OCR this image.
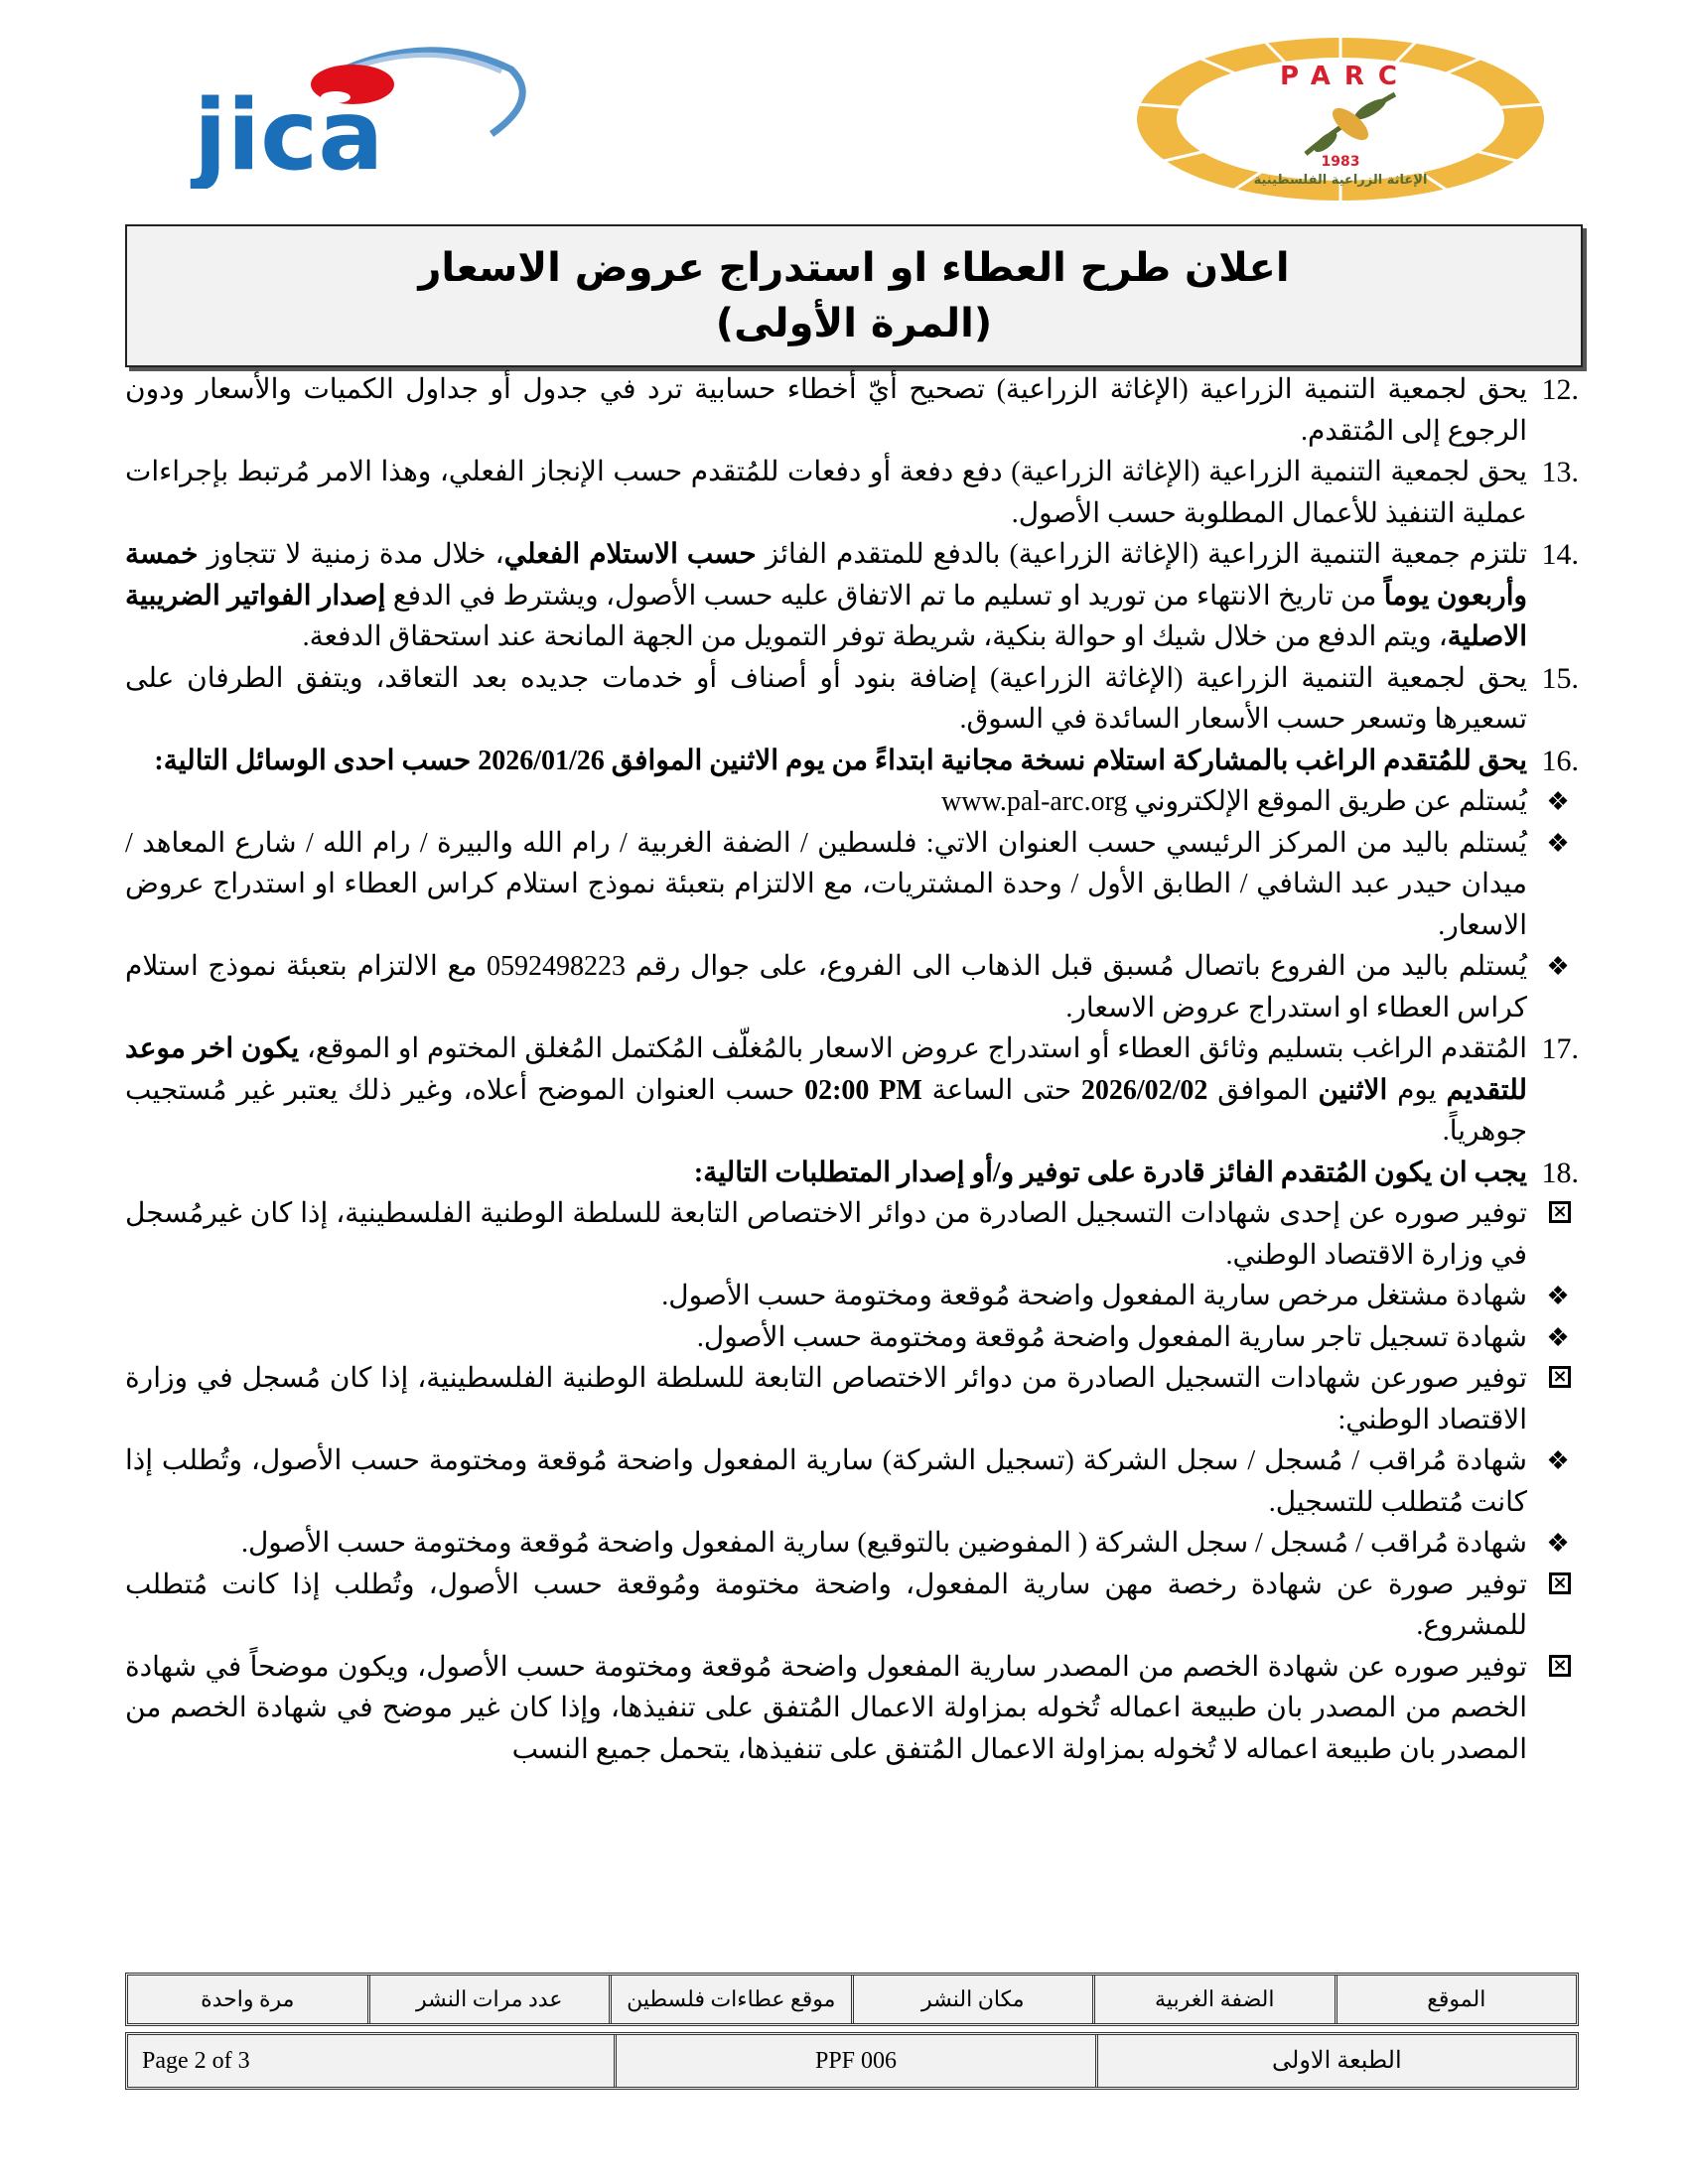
jica
PARC
1983
الإغاثة الزراعية الفلسطينية
اعلان طرح العطاء او استدراج عروض الاسعار
(المرة الأولى)
12.
يحق لجمعية التنمية الزراعية (الإغاثة الزراعية) تصحيح أيّ أخطاء حسابية ترد في جدول أو جداول الكميات والأسعار ودون الرجوع إلى المُتقدم.
13.
يحق لجمعية التنمية الزراعية (الإغاثة الزراعية) دفع دفعة أو دفعات للمُتقدم حسب الإنجاز الفعلي، وهذا الامر مُرتبط بإجراءات عملية التنفيذ للأعمال المطلوبة حسب الأصول.
14.
تلتزم جمعية التنمية الزراعية (الإغاثة الزراعية) بالدفع للمتقدم الفائز حسب الاستلام الفعلي، خلال مدة زمنية لا تتجاوز خمسة وأربعون يوماً من تاريخ الانتهاء من توريد او تسليم ما تم الاتفاق عليه حسب الأصول، ويشترط في الدفع إصدار الفواتير الضريبية الاصلية، ويتم الدفع من خلال شيك او حوالة بنكية، شريطة توفر التمويل من الجهة المانحة عند استحقاق الدفعة.
15.
يحق لجمعية التنمية الزراعية (الإغاثة الزراعية) إضافة بنود أو أصناف أو خدمات جديده بعد التعاقد، ويتفق الطرفان على تسعيرها وتسعر حسب الأسعار السائدة في السوق.
16.
يحق للمُتقدم الراغب بالمشاركة استلام نسخة مجانية ابتداءً من يوم الاثنين الموافق 2026/01/26 حسب احدى الوسائل التالية:
❖
يُستلم عن طريق الموقع الإلكتروني www.pal-arc.org
❖
يُستلم باليد من المركز الرئيسي حسب العنوان الاتي: فلسطين / الضفة الغربية / رام الله والبيرة / رام الله / شارع المعاهد / ميدان حيدر عبد الشافي / الطابق الأول / وحدة المشتريات، مع الالتزام بتعبئة نموذج استلام كراس العطاء او استدراج عروض الاسعار.
❖
يُستلم باليد من الفروع باتصال مُسبق قبل الذهاب الى الفروع، على جوال رقم 0592498223 مع الالتزام بتعبئة نموذج استلام كراس العطاء او استدراج عروض الاسعار.
17.
المُتقدم الراغب بتسليم وثائق العطاء أو استدراج عروض الاسعار بالمُغلّف المُكتمل المُغلق المختوم او الموقع، يكون اخر موعد للتقديم يوم الاثنين الموافق 2026/02/02 حتى الساعة 02:00 PM حسب العنوان الموضح أعلاه، وغير ذلك يعتبر غير مُستجيب جوهرياً.
18.
يجب ان يكون المُتقدم الفائز قادرة على توفير و/أو إصدار المتطلبات التالية:
×
توفير صوره عن إحدى شهادات التسجيل الصادرة من دوائر الاختصاص التابعة للسلطة الوطنية الفلسطينية، إذا كان غيرمُسجل في وزارة الاقتصاد الوطني.
❖
شهادة مشتغل مرخص سارية المفعول واضحة مُوقعة ومختومة حسب الأصول.
❖
شهادة تسجيل تاجر سارية المفعول واضحة مُوقعة ومختومة حسب الأصول.
×
توفير صورعن شهادات التسجيل الصادرة من دوائر الاختصاص التابعة للسلطة الوطنية الفلسطينية، إذا كان مُسجل في وزارة الاقتصاد الوطني:
❖
شهادة مُراقب / مُسجل / سجل الشركة (تسجيل الشركة) سارية المفعول واضحة مُوقعة ومختومة حسب الأصول، وتُطلب إذا كانت مُتطلب للتسجيل.
❖
شهادة مُراقب / مُسجل / سجل الشركة ( المفوضين بالتوقيع) سارية المفعول واضحة مُوقعة ومختومة حسب الأصول.
×
توفير صورة عن شهادة رخصة مهن سارية المفعول، واضحة مختومة ومُوقعة حسب الأصول، وتُطلب إذا كانت مُتطلب للمشروع.
×
توفير صوره عن شهادة الخصم من المصدر سارية المفعول واضحة مُوقعة ومختومة حسب الأصول، ويكون موضحاً في شهادة الخصم من المصدر بان طبيعة اعماله تُخوله بمزاولة الاعمال المُتفق على تنفيذها، وإذا كان غير موضح في شهادة الخصم من المصدر بان طبيعة اعماله لا تُخوله بمزاولة الاعمال المُتفق على تنفيذها، يتحمل جميع النسب
الموقع
الضفة الغربية
مكان النشر
موقع عطاءات فلسطين
عدد مرات النشر
مرة واحدة
الطبعة الاولى
PPF 006
Page 2 of 3
